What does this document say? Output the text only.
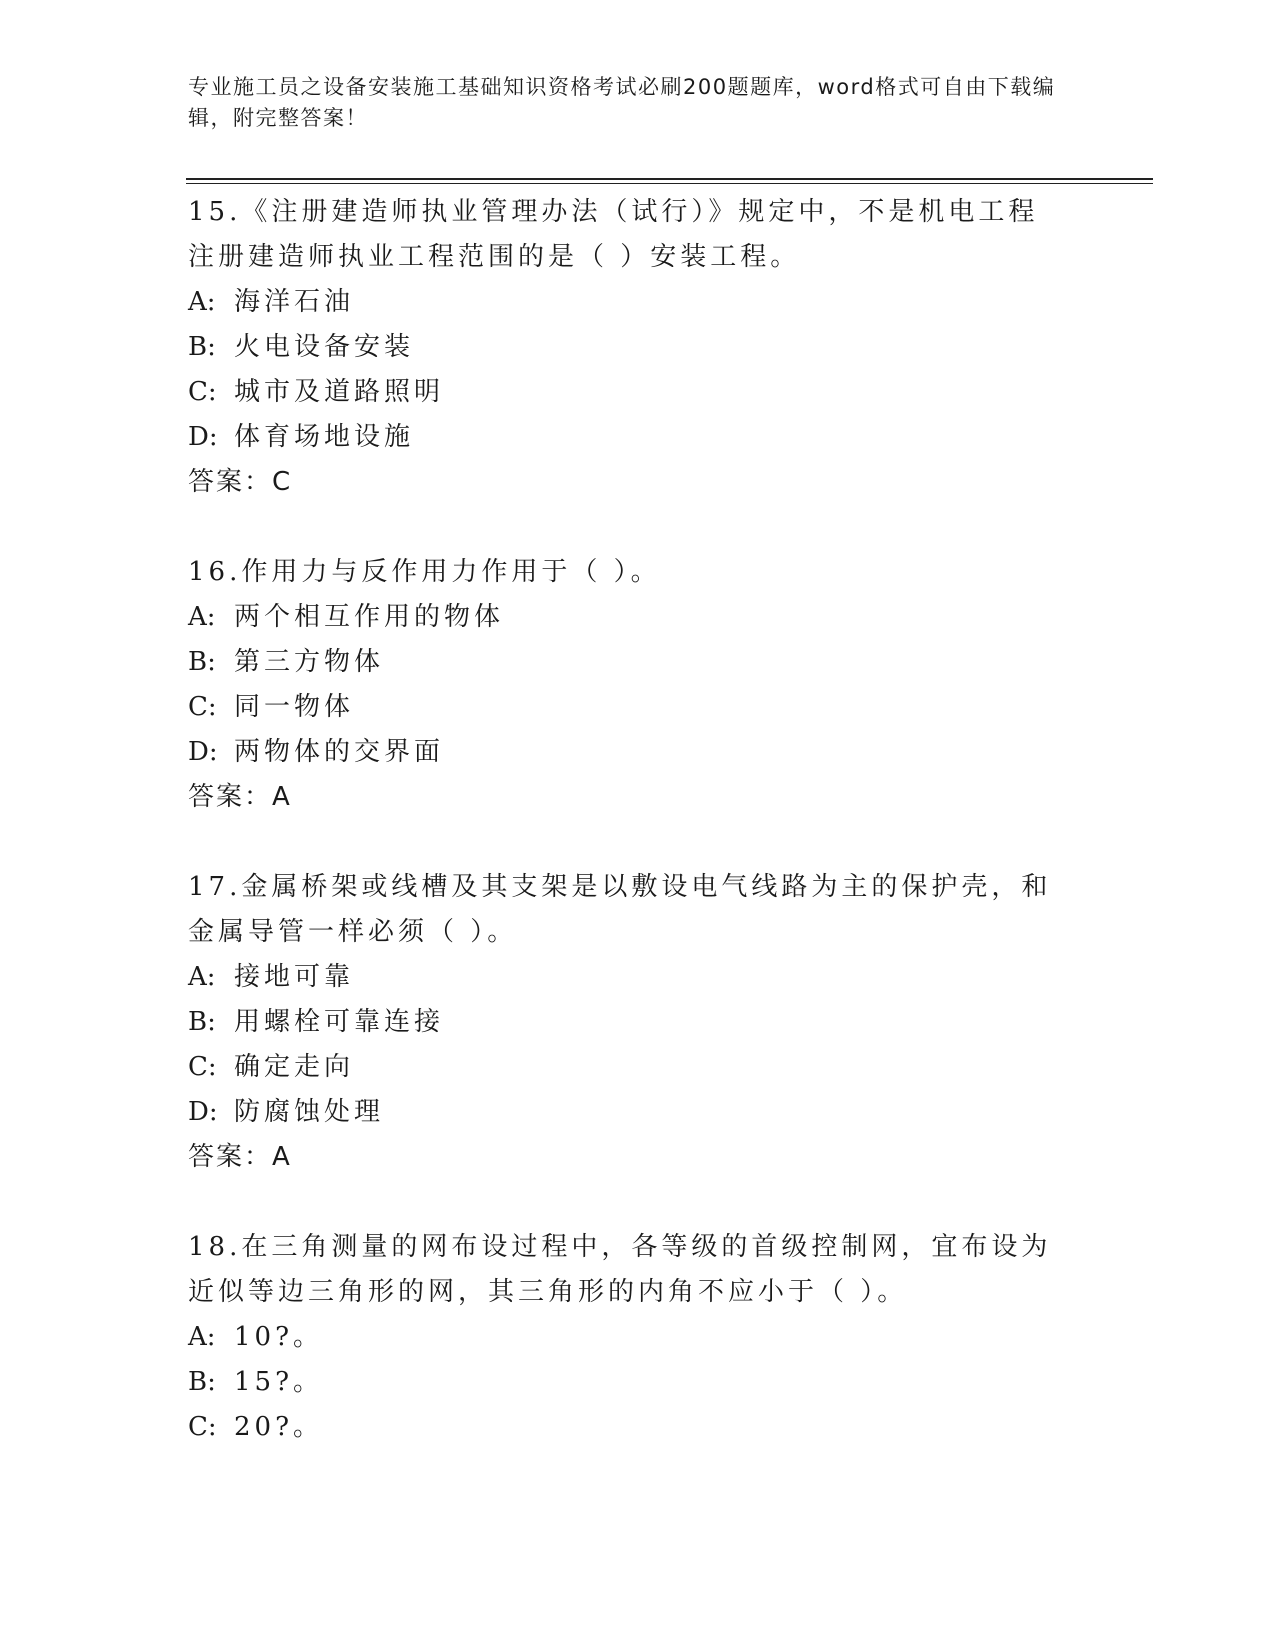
专业施工员之设备安装施工基础知识资格考试必刷200题题库，word格式可自由下载编辑，附完整答案！

15.《注册建造师执业管理办法（试行）》规定中，不是机电工程注册建造师执业工程范围的是（ ）安装工程。

A: 海洋石油

B: 火电设备安装

C: 城市及道路照明

D: 体育场地设施

答案：C

16.作用力与反作用力作用于（ ）。

A: 两个相互作用的物体

B: 第三方物体

C: 同一物体

D: 两物体的交界面

答案：A

17.金属桥架或线槽及其支架是以敷设电气线路为主的保护壳，和金属导管一样必须（ ）。

A: 接地可靠

B: 用螺栓可靠连接

C: 确定走向

D: 防腐蚀处理

答案：A

18.在三角测量的网布设过程中，各等级的首级控制网，宜布设为近似等边三角形的网，其三角形的内角不应小于（ ）。

A: 10?。

B: 15?。

C: 20?。
